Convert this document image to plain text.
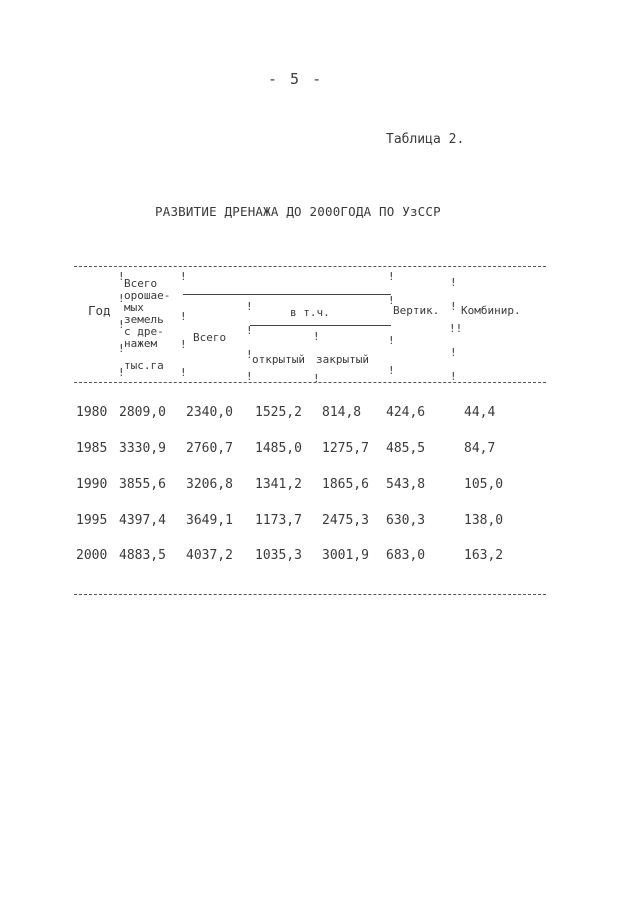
- 5 -
Таблица 2.
РАЗВИТИЕ ДРЕНАЖА ДО 2000ГОДА ПО УзССР
Год
Всего
орошае-
мых
земель
с дре-
нажем
тыс.га
Всего
в т.ч.
открытый закрытый
Вертик. Комбинир.
!
!
!
!
!
!
!
!
!
!
!
!
!
!
!
!
!
!
!
!
!
!!
!
!
1980 2809,0 2340,0 1525,2 814,8 424,6	44,4
1985 3330,9 2760,7 1485,0 1275,7 485,5	84,7
1990 3855,6 3206,8 1341,2 1865,6 543,8	105,0
1995 4397,4 3649,1 1173,7 2475,3 630,3	138,0
2000 4883,5 4037,2 1035,3 3001,9 683,0	163,2
